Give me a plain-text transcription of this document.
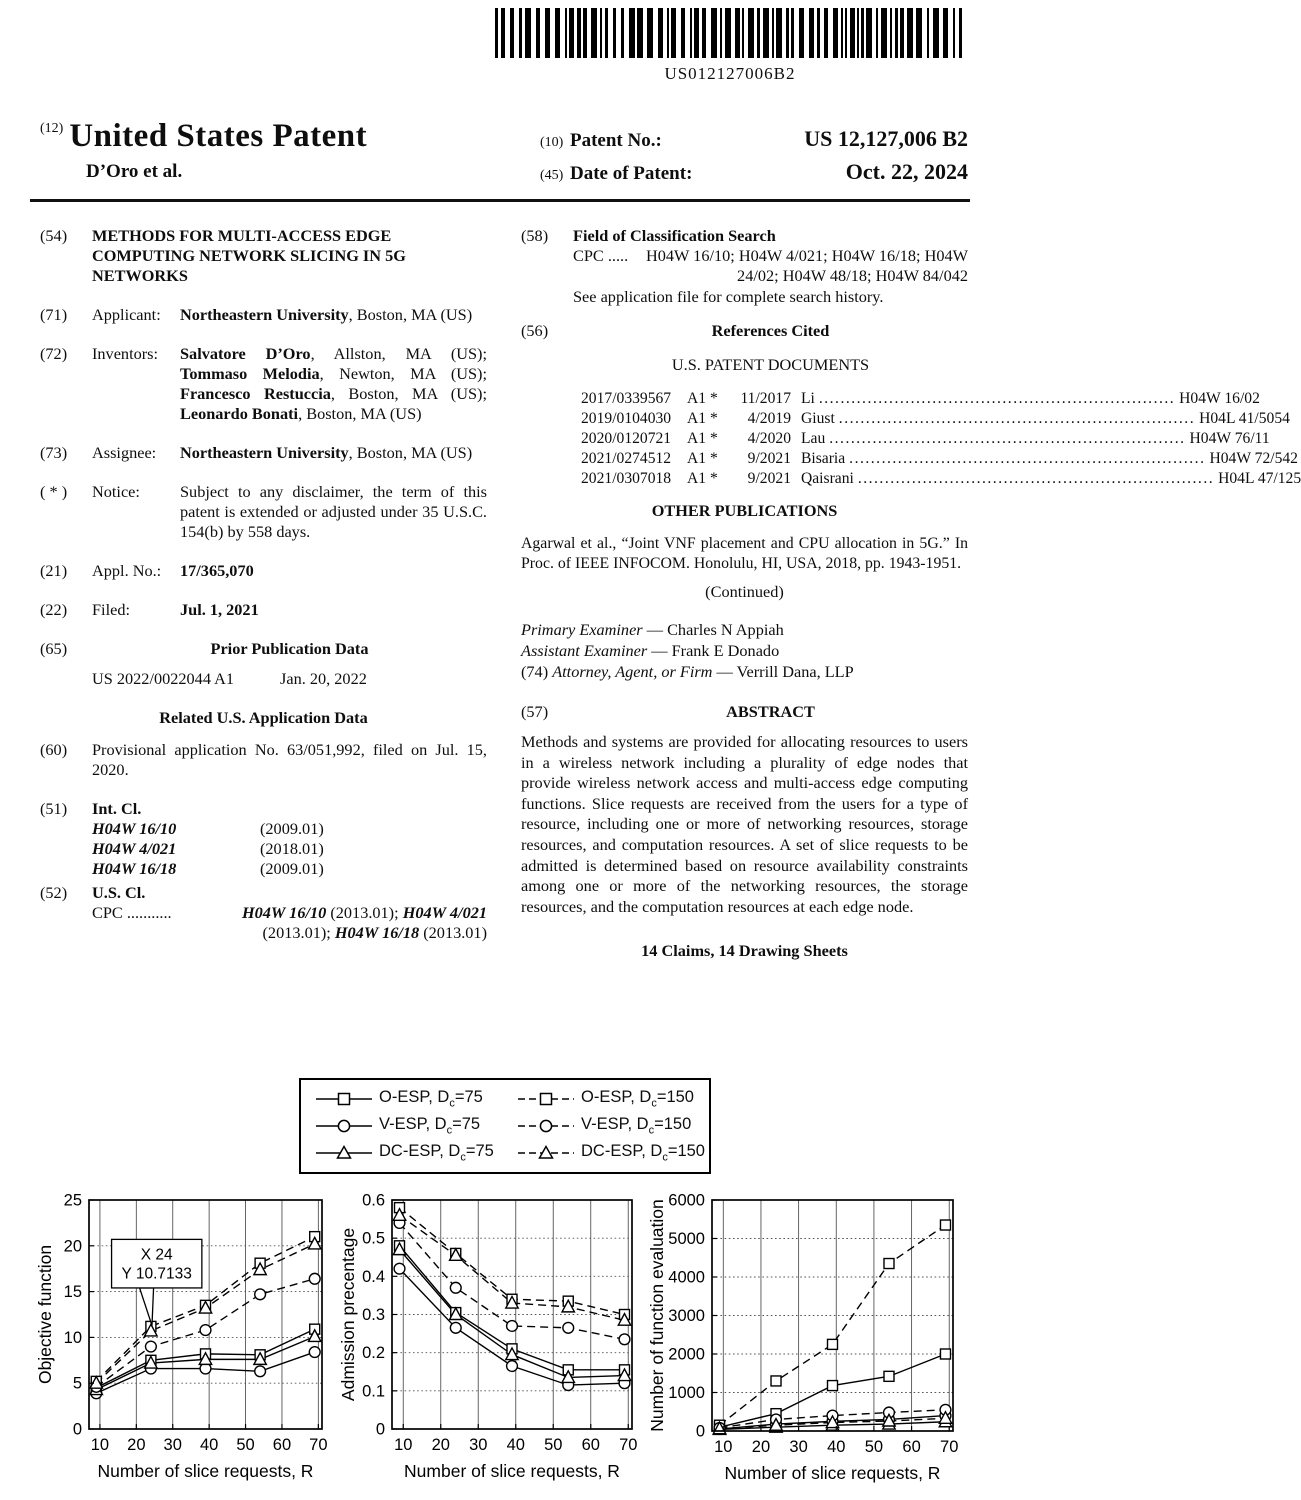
US012127006B2
(12) United States Patent
D’Oro et al.
(10) Patent No.:	US 12,127,006 B2
(45) Date of Patent:	Oct. 22, 2024
(54)	METHODS FOR MULTI-ACCESS EDGE COMPUTING NETWORK SLICING IN 5G NETWORKS
(71)	Applicant:	Northeastern University, Boston, MA (US)
(72)	Inventors:	Salvatore D’Oro, Allston, MA (US); Tommaso Melodia, Newton, MA (US); Francesco Restuccia, Boston, MA (US); Leonardo Bonati, Boston, MA (US)
(73)	Assignee:	Northeastern University, Boston, MA (US)
( * )	Notice:	Subject to any disclaimer, the term of this patent is extended or adjusted under 35 U.S.C. 154(b) by 558 days.
(21)	Appl. No.:	17/365,070
(22)	Filed:	Jul. 1, 2021
(65)	Prior Publication Data
US 2022/0022044 A1	Jan. 20, 2022
Related U.S. Application Data
(60)	Provisional application No. 63/051,992, filed on Jul. 15, 2020.
(51)	Int. Cl.
H04W 16/10	(2009.01)
H04W 4/021	(2018.01)
H04W 16/18	(2009.01)
(52)	U.S. Cl.
CPC ...........	H04W 16/10 (2013.01); H04W 4/021 (2013.01); H04W 16/18 (2013.01)
(58)	Field of Classification Search
CPC ..... H04W 16/10; H04W 4/021; H04W 16/18; H04W 24/02; H04W 48/18; H04W 84/042
See application file for complete search history.
(56)	References Cited
U.S. PATENT DOCUMENTS
2017/0339567	A1 *	11/2017 Li .....	H04W 16/02
2019/0104030	A1 *	4/2019 Giust .....	H04L 41/5054
2020/0120721	A1 *	4/2020 Lau .....	H04W 76/11
2021/0274512	A1 *	9/2021 Bisaria .....	H04W 72/542
2021/0307018	A1 *	9/2021 Qaisrani .....	H04L 47/125
OTHER PUBLICATIONS
Agarwal et al., “Joint VNF placement and CPU allocation in 5G.” In Proc. of IEEE INFOCOM. Honolulu, HI, USA, 2018, pp. 1943-1951.
(Continued)
Primary Examiner — Charles N Appiah
Assistant Examiner — Frank E Donado
(74) Attorney, Agent, or Firm — Verrill Dana, LLP
(57)	ABSTRACT
Methods and systems are provided for allocating resources to users in a wireless network including a plurality of edge nodes that provide wireless network access and multi-access edge computing functions. Slice requests are received from the users for a type of resource, including one or more of networking resources, storage resources, and computation resources. A set of slice requests to be admitted is determined based on resource availability constraints among one or more of the networking resources, the storage resources, and the computation resources at each edge node.
14 Claims, 14 Drawing Sheets
O-ESP, $D_c=75$	O-ESP, $D_c=150$
V-ESP, $D_c=75$	V-ESP, $D_c=150$
DC-ESP, $D_c=75$	DC-ESP, $D_c=150$
10 20 30 40 50 60 70
0
5
10
15
20
25
Number of slice requests, R
Objective function	X 24
Y 10.7133
10 20 30 40 50 60 70
0
0.1
0.2
0.3
0.4
0.5
0.6
Number of slice requests, R
Admission precentage
10 20 30 40 50 60 70
0
1000
2000
3000
4000
5000
6000
Number of slice requests, R
Number of function evaluation
